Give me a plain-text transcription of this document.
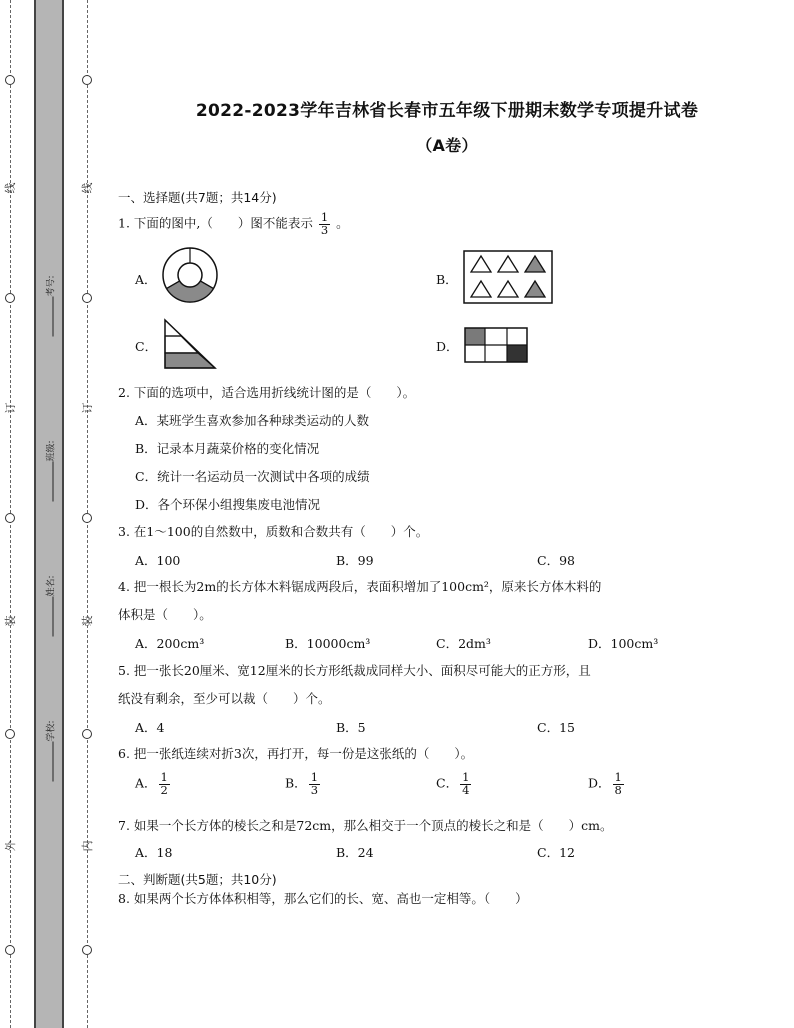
线
订
装
外
线
订
装
内
考号:
班级:
姓名:
学校:
2022-2023学年吉林省长春市五年级下册期末数学专项提升试卷
（A卷）
一、选择题(共7题；共14分)
1. 下面的图中,（　　）图不能表示 $\frac{1}{3}$ 。
A．	B．
C．	D．
2. 下面的选项中，适合选用折线统计图的是（　　）。
A．某班学生喜欢参加各种球类运动的人数
B．记录本月蔬菜价格的变化情况
C．统计一名运动员一次测试中各项的成绩
D．各个环保小组搜集废电池情况
3. 在1～100的自然数中，质数和合数共有（　　）个。
A．100	B．99	C．98
4. 把一根长为2m的长方体木料锯成两段后，表面积增加了100cm²，原来长方体木料的
体积是（　　）。
A．200cm³	B．10000cm³	C．2dm³	D．100cm³
5. 把一张长20厘米、宽12厘米的长方形纸裁成同样大小、面积尽可能大的正方形，且
纸没有剩余，至少可以裁（　　）个。
A．4	B．5	C．15
6. 把一张纸连续对折3次，再打开，每一份是这张纸的（　　）。
A． $\frac{1}{2}$	B． $\frac{1}{3}$	C． $\frac{1}{4}$	D． $\frac{1}{8}$
7. 如果一个长方体的棱长之和是72cm，那么相交于一个顶点的棱长之和是（　　）cm。
A．18	B．24	C．12
二、判断题(共5题；共10分)
8. 如果两个长方体体积相等，那么它们的长、宽、高也一定相等。（　　）
